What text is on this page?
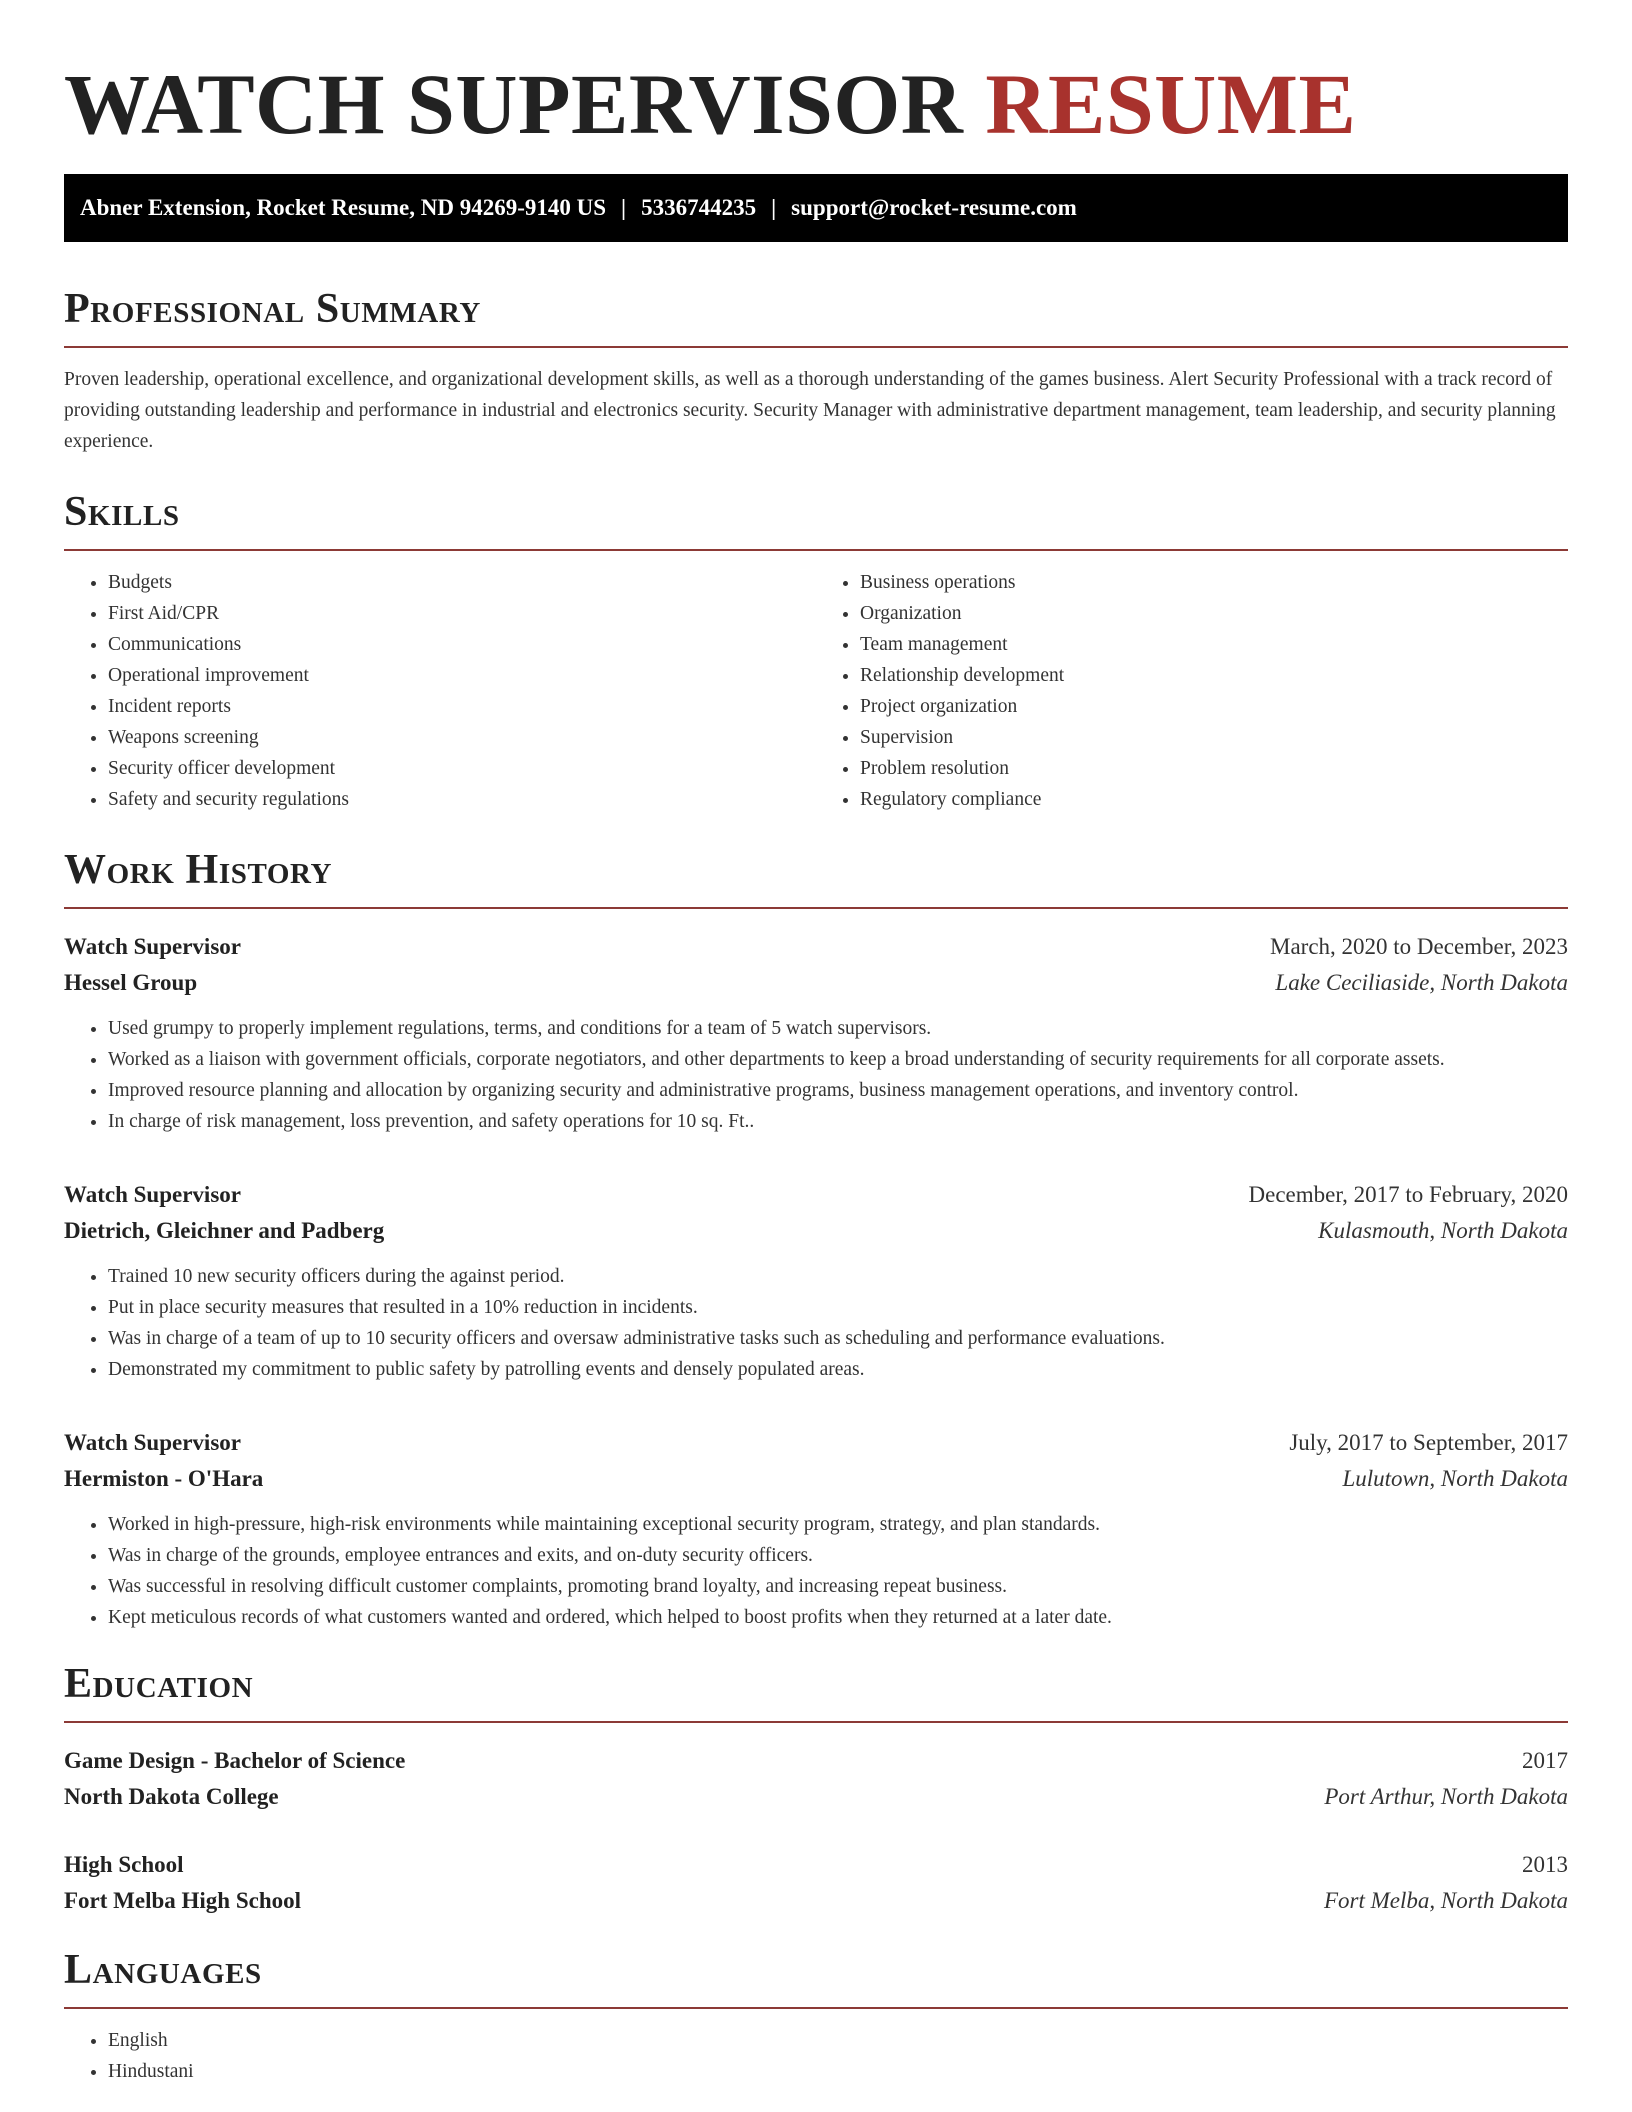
WATCH SUPERVISOR RESUME
Abner Extension, Rocket Resume, ND 94269-9140 US | 5336744235 | support@rocket-resume.com
Professional Summary

Proven leadership, operational excellence, and organizational development skills, as well as a thorough understanding of the games business. Alert Security Professional with a track record of providing outstanding leadership and performance in industrial and electronics security. Security Manager with administrative department management, team leadership, and security planning experience.

Skills
• Budgets
• First Aid/CPR
• Communications
• Operational improvement
• Incident reports
• Weapons screening
• Security officer development
• Safety and security regulations
• Business operations
• Organization
• Team management
• Relationship development
• Project organization
• Supervision
• Problem resolution
• Regulatory compliance
Work History
Watch Supervisor	March, 2020 to December, 2023
Hessel Group	Lake Ceciliaside, North Dakota
• Used grumpy to properly implement regulations, terms, and conditions for a team of 5 watch supervisors.
• Worked as a liaison with government officials, corporate negotiators, and other departments to keep a broad understanding of security requirements for all corporate assets.
• Improved resource planning and allocation by organizing security and administrative programs, business management operations, and inventory control.
• In charge of risk management, loss prevention, and safety operations for 10 sq. Ft..
Watch Supervisor	December, 2017 to February, 2020
Dietrich, Gleichner and Padberg	Kulasmouth, North Dakota
• Trained 10 new security officers during the against period.
• Put in place security measures that resulted in a 10% reduction in incidents.
• Was in charge of a team of up to 10 security officers and oversaw administrative tasks such as scheduling and performance evaluations.
• Demonstrated my commitment to public safety by patrolling events and densely populated areas.
Watch Supervisor	July, 2017 to September, 2017
Hermiston - O'Hara	Lulutown, North Dakota
• Worked in high-pressure, high-risk environments while maintaining exceptional security program, strategy, and plan standards.
• Was in charge of the grounds, employee entrances and exits, and on-duty security officers.
• Was successful in resolving difficult customer complaints, promoting brand loyalty, and increasing repeat business.
• Kept meticulous records of what customers wanted and ordered, which helped to boost profits when they returned at a later date.
Education
Game Design - Bachelor of Science	2017
North Dakota College	Port Arthur, North Dakota
High School	2013
Fort Melba High School	Fort Melba, North Dakota
Languages
• English
• Hindustani
